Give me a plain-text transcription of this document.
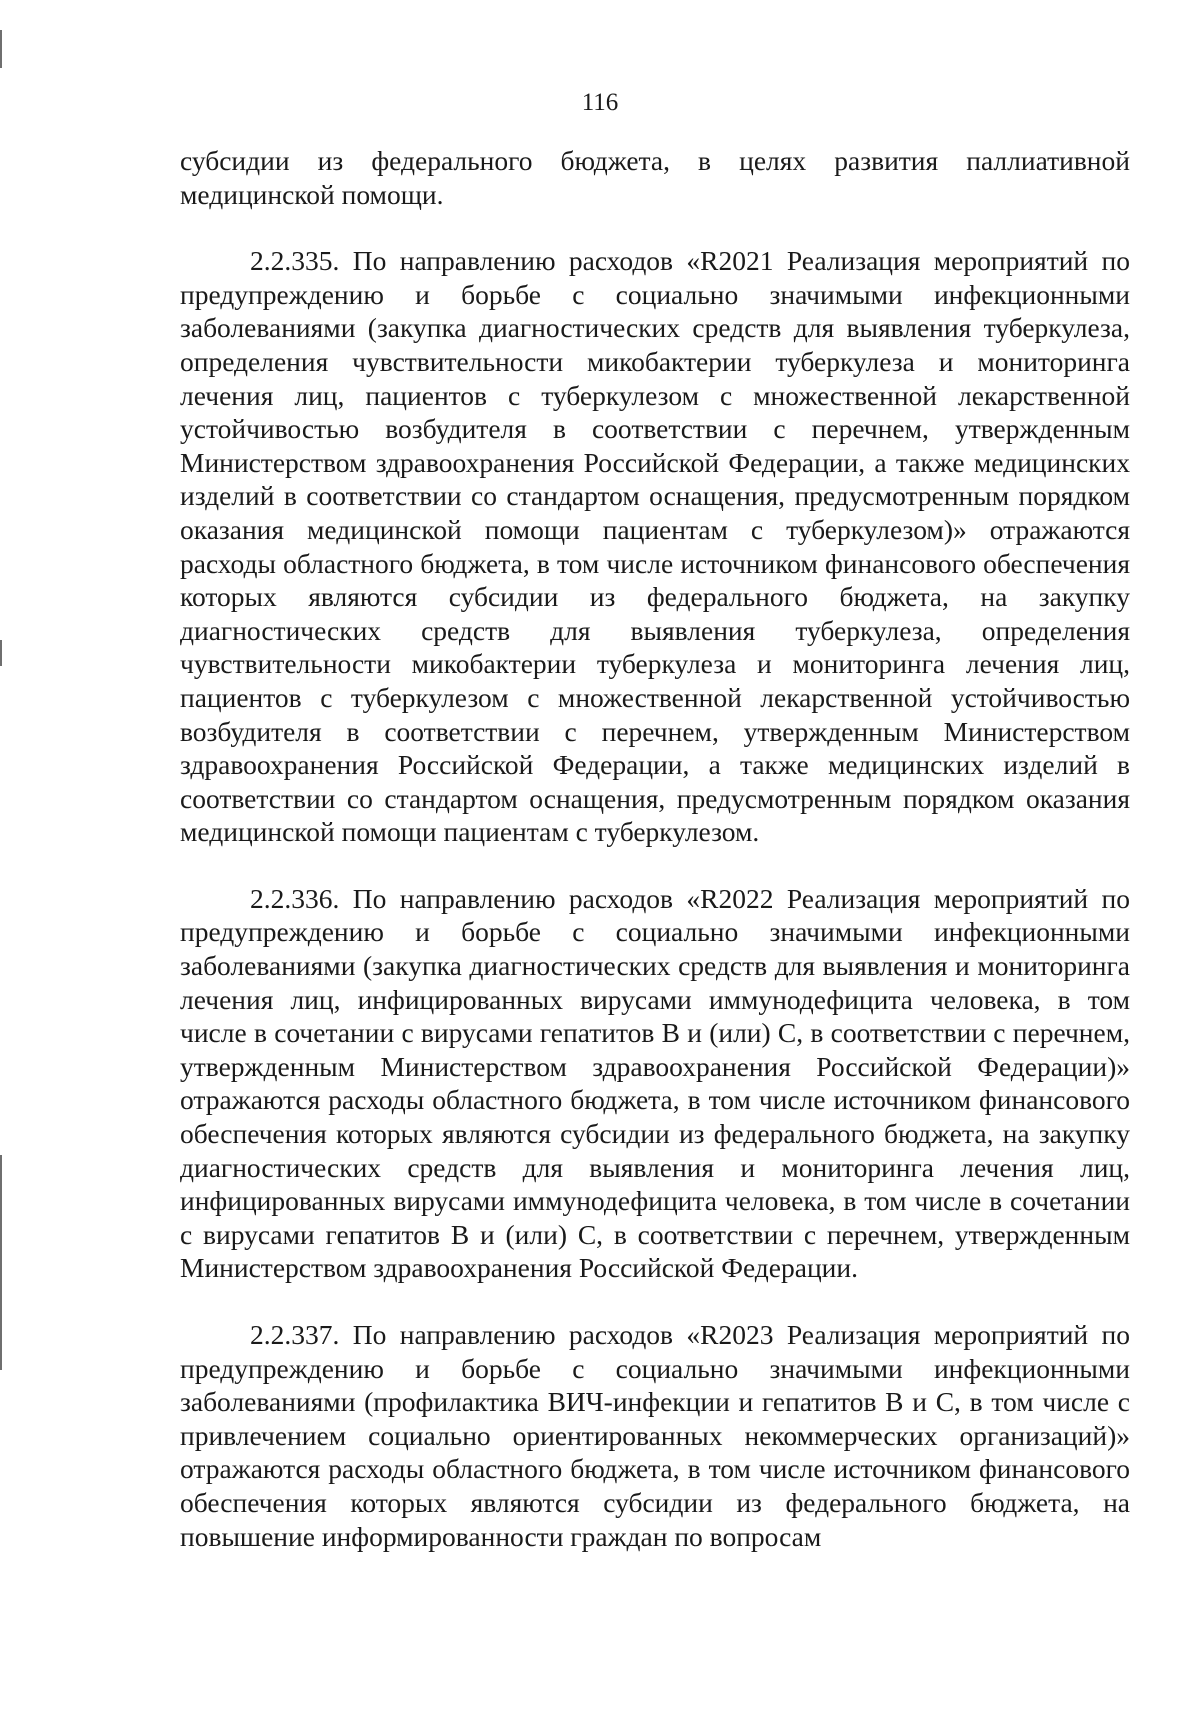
116

субсидии из федерального бюджета, в целях развития паллиативной медицинской помощи.

2.2.335. По направлению расходов «R2021 Реализация мероприятий по предупреждению и борьбе с социально значимыми инфекционными заболеваниями (закупка диагностических средств для выявления туберкулеза, определения чувствительности микобактерии туберкулеза и мониторинга лечения лиц, пациентов с туберкулезом с множественной лекарственной устойчивостью возбудителя в соответствии с перечнем, утвержденным Министерством здравоохранения Российской Федерации, а также медицинских изделий в соответствии со стандартом оснащения, предусмотренным порядком оказания медицинской помощи пациентам с туберкулезом)» отражаются расходы областного бюджета, в том числе источником финансового обеспечения которых являются субсидии из федерального бюджета, на закупку диагностических средств для выявления туберкулеза, определения чувствительности микобактерии туберкулеза и мониторинга лечения лиц, пациентов с туберкулезом с множественной лекарственной устойчивостью возбудителя в соответствии с перечнем, утвержденным Министерством здравоохранения Российской Федерации, а также медицинских изделий в соответствии со стандартом оснащения, предусмотренным порядком оказания медицинской помощи пациентам с туберкулезом.

2.2.336. По направлению расходов «R2022 Реализация мероприятий по предупреждению и борьбе с социально значимыми инфекционными заболеваниями (закупка диагностических средств для выявления и мониторинга лечения лиц, инфицированных вирусами иммунодефицита человека, в том числе в сочетании с вирусами гепатитов В и (или) С, в соответствии с перечнем, утвержденным Министерством здравоохранения Российской Федерации)» отражаются расходы областного бюджета, в том числе источником финансового обеспечения которых являются субсидии из федерального бюджета, на закупку диагностических средств для выявления и мониторинга лечения лиц, инфицированных вирусами иммунодефицита человека, в том числе в сочетании с вирусами гепатитов В и (или) С, в соответствии с перечнем, утвержденным Министерством здравоохранения Российской Федерации.

2.2.337. По направлению расходов «R2023 Реализация мероприятий по предупреждению и борьбе с социально значимыми инфекционными заболеваниями (профилактика ВИЧ-инфекции и гепатитов В и С, в том числе с привлечением социально ориентированных некоммерческих организаций)» отражаются расходы областного бюджета, в том числе источником финансового обеспечения которых являются субсидии из федерального бюджета, на повышение информированности граждан по вопросам
